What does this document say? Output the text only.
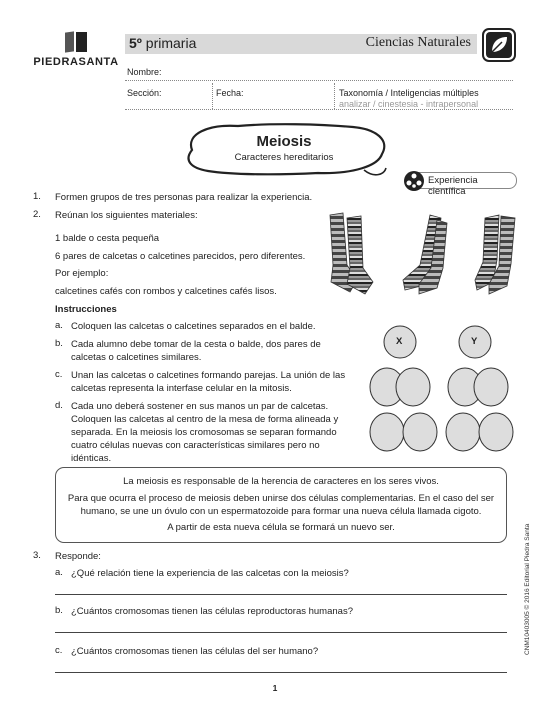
PIEDRASANTA
5º primaria	Ciencias Naturales
Nombre:
Sección:	Fecha:	Taxonomía / Inteligencias múltiples
analizar / cinestesia - intrapersonal
Meiosis
Caracteres hereditarios
Experiencia científica
1. Formen grupos de tres personas para realizar la experiencia.
2. Reúnan los siguientes materiales:
1 balde o cesta pequeña
6 pares de calcetas o calcetines parecidos, pero diferentes.
Por ejemplo:
calcetines cafés con rombos y calcetines cafés lisos.
Instrucciones
a. Coloquen las calcetas o calcetines separados en el balde.
b. Cada alumno debe tomar de la cesta o balde, dos pares de
calcetas o calcetines similares.
c. Unan las calcetas o calcetines formando parejas. La unión de las
calcetas representa la interfase celular en la mitosis.
d. Cada uno deberá sostener en sus manos un par de calcetas.
Coloquen las calcetas al centro de la mesa de forma alineada y
separada. En la meiosis los cromosomas se separan formando
cuatro células nuevas con características similares pero no
idénticas.
X	Y
La meiosis es responsable de la herencia de caracteres en los seres vivos.
Para que ocurra el proceso de meiosis deben unirse dos células complementarias. En el caso del ser
humano, se une un óvulo con un espermatozoide para formar una nueva célula llamada cigoto.
A partir de esta nueva célula se formará un nuevo ser.
3. Responde:
a. ¿Qué relación tiene la experiencia de las calcetas con la meiosis?
b. ¿Cuántos cromosomas tienen las células reproductoras humanas?
c. ¿Cuántos cromosomas tienen las células del ser humano?	CNM10403005 © 2016 Editorial Piedra Santa
1
